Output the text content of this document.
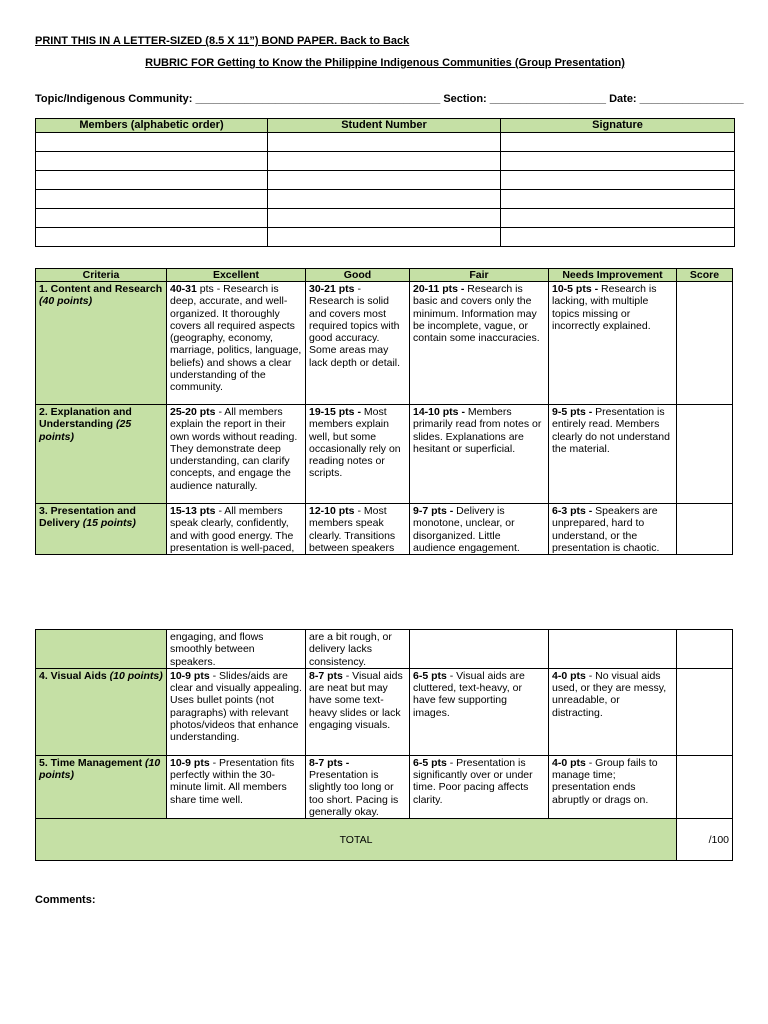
PRINT THIS IN A LETTER-SIZED (8.5 X 11”) BOND PAPER. Back to Back
RUBRIC FOR Getting to Know the Philippine Indigenous Communities (Group Presentation)
Topic/Indigenous Community: ________________________________________ Section: ___________________ Date: _________________
Members (alphabetic order)	Student Number	Signature

Criteria	Excellent	Good	Fair	Needs Improvement	Score
1. Content and Research (40 points)	40-31 pts - Research is deep, accurate, and well-organized. It thoroughly covers all required aspects (geography, economy, marriage, politics, language, beliefs) and shows a clear understanding of the community.	30-21 pts - Research is solid and covers most required topics with good accuracy. Some areas may lack depth or detail.	20-11 pts - Research is basic and covers only the minimum. Information may be incomplete, vague, or contain some inaccuracies.	10-5 pts - Research is lacking, with multiple topics missing or incorrectly explained.	
2. Explanation and Understanding (25 points)	25-20 pts - All members explain the report in their own words without reading. They demonstrate deep understanding, can clarify concepts, and engage the audience naturally.	19-15 pts - Most members explain well, but some occasionally rely on reading notes or scripts.	14-10 pts - Members primarily read from notes or slides. Explanations are hesitant or superficial.	9-5 pts - Presentation is entirely read. Members clearly do not understand the material.	
3. Presentation and Delivery (15 points)	15-13 pts - All members speak clearly, confidently, and with good energy. The presentation is well-paced,	12-10 pts - Most members speak clearly. Transitions between speakers	9-7 pts - Delivery is monotone, unclear, or disorganized. Little audience engagement.	6-3 pts - Speakers are unprepared, hard to understand, or the presentation is chaotic.	
	engaging, and flows smoothly between speakers.	are a bit rough, or delivery lacks consistency.			
4. Visual Aids (10 points)	10-9 pts - Slides/aids are clear and visually appealing. Uses bullet points (not paragraphs) with relevant photos/videos that enhance understanding.	8-7 pts - Visual aids are neat but may have some text-heavy slides or lack engaging visuals.	6-5 pts - Visual aids are cluttered, text-heavy, or have few supporting images.	4-0 pts - No visual aids used, or they are messy, unreadable, or distracting.	
5. Time Management (10 points)	10-9 pts - Presentation fits perfectly within the 30-minute limit. All members share time well.	8-7 pts - Presentation is slightly too long or too short. Pacing is generally okay.	6-5 pts - Presentation is significantly over or under time. Poor pacing affects clarity.	4-0 pts - Group fails to manage time; presentation ends abruptly or drags on.	
TOTAL					/100
Comments:
